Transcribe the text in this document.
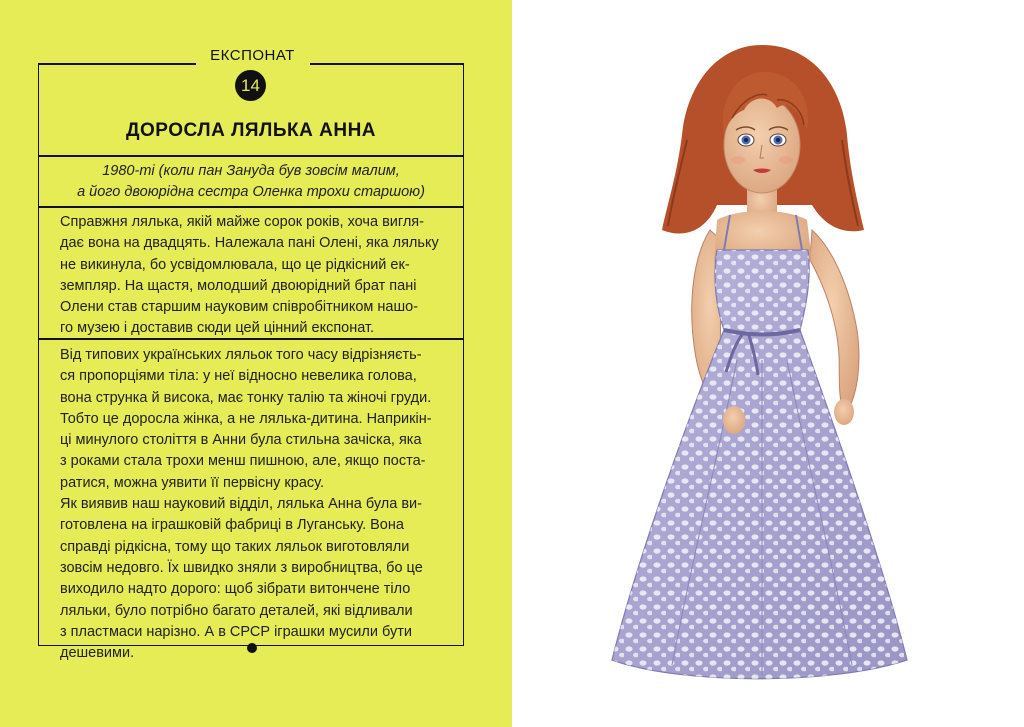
ЕКСПОНАТ
14
ДОРОСЛА ЛЯЛЬКА АННА
1980-ті (коли пан Зануда був зовсім малим,
а його двоюрідна сестра Оленка трохи старшою)
Справжня лялька, якій майже сорок років, хоча вигля-
дає вона на двадцять. Належала пані Олені, яка ляльку
не викинула, бо усвідомлювала, що це рідкісний ек-
земпляр. На щастя, молодший двоюрідний брат пані
Олени став старшим науковим співробітником нашо-
го музею і доставив сюди цей цінний експонат.
Від типових українських ляльок того часу відрізняєть-
ся пропорціями тіла: у неї відносно невелика голова,
вона струнка й висока, має тонку талію та жіночі груди.
Тобто це доросла жінка, а не лялька-дитина. Наприкін-
ці минулого століття в Анни була стильна зачіска, яка
з роками стала трохи менш пишною, але, якщо поста-
ратися, можна уявити її первісну красу.
Як виявив наш науковий відділ, лялька Анна була ви-
готовлена на іграшковій фабриці в Луганську. Вона
справді рідкісна, тому що таких ляльок виготовляли
зовсім недовго. Їх швидко зняли з виробництва, бо це
виходило надто дорого: щоб зібрати витончене тіло
ляльки, було потрібно багато деталей, які відливали
з пластмаси нарізно. А в СРСР іграшки мусили бути
дешевими.
